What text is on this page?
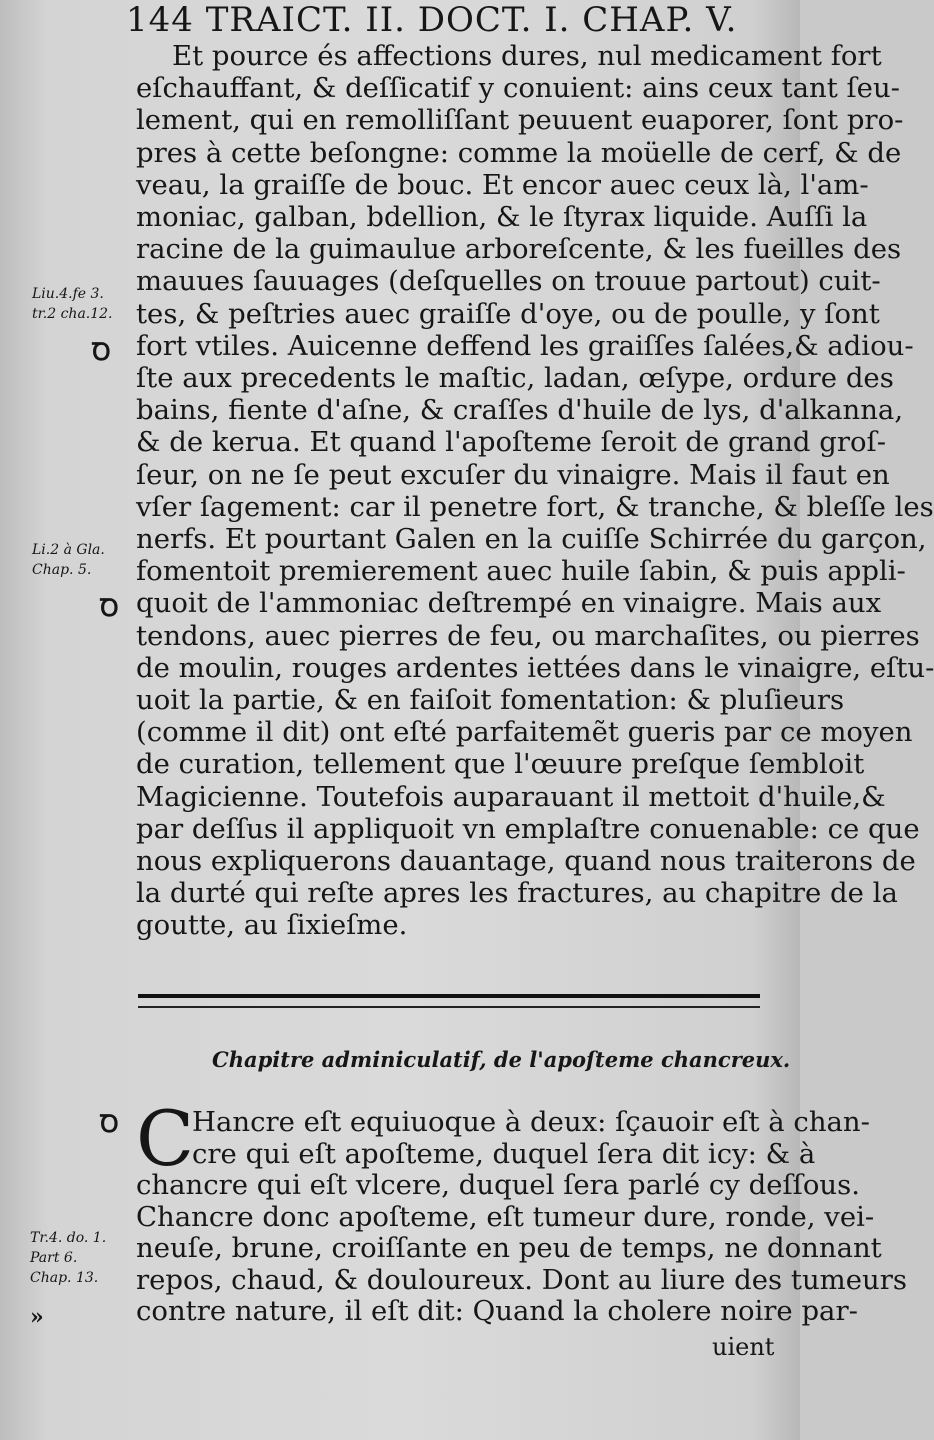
144 TRAICT. II. DOCT. I. CHAP. V.
Et pource és affections dures, nul medicament fort
eſchauffant, & deſſicatif y conuient: ains ceux tant ſeu-
lement, qui en remolliſſant peuuent euaporer, ſont pro-
pres à cette beſongne: comme la moüelle de cerf, & de
veau, la graiſſe de bouc. Et encor auec ceux là, l'am-
moniac, galban, bdellion, & le ſtyrax liquide. Auſſi la
racine de la guimaulue arboreſcente, & les fueilles des
mauues ſauuages (deſquelles on trouue partout) cuit-
tes, & peſtries auec graiſſe d'oye, ou de poulle, y ſont
fort vtiles. Auicenne deffend les graiſſes ſalées,& adiou-
ſte aux precedents le maſtic, ladan, œſype, ordure des
bains, fiente d'aſne, & craſſes d'huile de lys, d'alkanna,
& de kerua. Et quand l'apoſteme ſeroit de grand groſ-
ſeur, on ne ſe peut excuſer du vinaigre. Mais il faut en
vſer ſagement: car il penetre fort, & tranche, & bleſſe les
nerfs. Et pourtant Galen en la cuiſſe Schirrée du garçon,
fomentoit premierement auec huile ſabin, & puis appli-
quoit de l'ammoniac deſtrempé en vinaigre. Mais aux
tendons, auec pierres de feu, ou marchaſites, ou pierres
de moulin, rouges ardentes iettées dans le vinaigre, eſtu-
uoit la partie, & en faiſoit fomentation: & pluſieurs
(comme il dit) ont eſté parfaitemẽt gueris par ce moyen
de curation, tellement que l'œuure preſque ſembloit
Magicienne. Toutefois auparauant il mettoit d'huile,&
par deſſus il appliquoit vn emplaſtre conuenable: ce que
nous expliquerons dauantage, quand nous traiterons de
la durté qui reſte apres les fractures, au chapitre de la
goutte, au ſixieſme.
Liu.4.fe 3.
tr.2 cha.12.
Ꝺ
Li.2 à Gla.
Chap. 5.
Ꝺ
Chapitre adminiculatif, de l'apoſteme chancreux.
Ꝺ C
Hancre eſt equiuoque à deux: ſçauoir eſt à chan-
cre qui eſt apoſteme, duquel ſera dit icy: & à
chancre qui eſt vlcere, duquel ſera parlé cy deſſous.
Chancre donc apoſteme, eſt tumeur dure, ronde, vei-
neuſe, brune, croiſſante en peu de temps, ne donnant
repos, chaud, & douloureux. Dont au liure des tumeurs
contre nature, il eſt dit: Quand la cholere noire par-
Tr.4. do. 1.
Part 6.
Chap. 13.
»
uient
